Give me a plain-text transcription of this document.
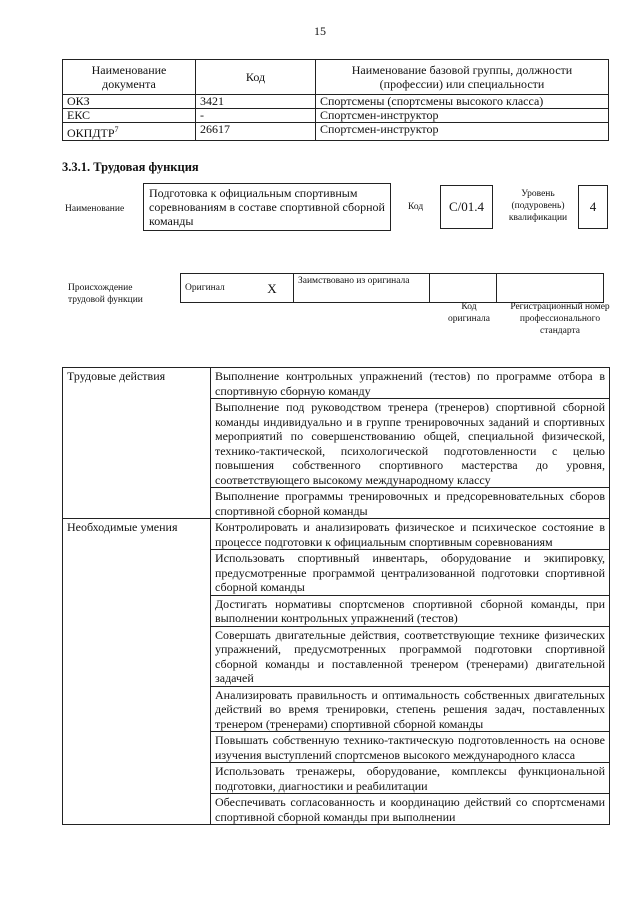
15
Наименование документа	Код	Наименование базовой группы, должности (профессии) или специальности
ОКЗ	3421	Спортсмены (спортсмены высокого класса)
ЕКС	-	Спортсмен-инструктор
ОКПДТР$^7$	26617	Спортсмен-инструктор
3.3.1. Трудовая функция
Наименование
Подготовка к официальным спортивным соревнованиям в составе спортивной сборной команды
Код	C/01.4
Уровень (подуровень) квалификации
4
Происхождение трудовой функции
Оригинал	X	Заимствовано из оригинала		
Код оригинала
Регистрационный номер профессионального стандарта
Трудовые действия	Выполнение контрольных упражнений (тестов) по программе отбора в спортивную сборную команду
	Выполнение под руководством тренера (тренеров) спортивной сборной команды индивидуально и в группе тренировочных заданий и спортивных мероприятий по совершенствованию общей, специальной физической, технико-тактической, психологической подготовленности с целью повышения собственного спортивного мастерства до уровня, соответствующего высокому международному классу
	Выполнение программы тренировочных и предсоревновательных сборов спортивной сборной команды
Необходимые умения	Контролировать и анализировать физическое и психическое состояние в процессе подготовки к официальным спортивным соревнованиям
	Использовать спортивный инвентарь, оборудование и экипировку, предусмотренные программой централизованной подготовки спортивной сборной команды
	Достигать нормативы спортсменов спортивной сборной команды, при выполнении контрольных упражнений (тестов)
	Совершать двигательные действия, соответствующие технике физических упражнений, предусмотренных программой подготовки спортивной сборной команды и поставленной тренером (тренерами) двигательной задачей
	Анализировать правильность и оптимальность собственных двигательных действий во время тренировки, степень решения задач, поставленных тренером (тренерами) спортивной сборной команды
	Повышать собственную технико-тактическую подготовленность на основе изучения выступлений спортсменов высокого международного класса
	Использовать тренажеры, оборудование, комплексы функциональной подготовки, диагностики и реабилитации
	Обеспечивать согласованность и координацию действий со спортсменами спортивной сборной команды при выполнении
